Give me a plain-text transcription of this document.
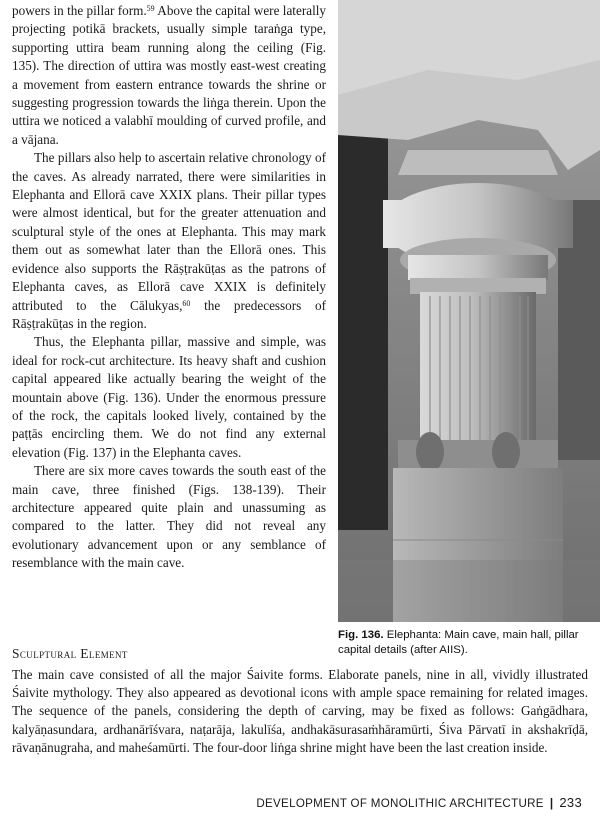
powers in the pillar form.$^{59}$ Above the capital were laterally projecting potikā brackets, usually simple taraṅga type, supporting uttira beam running along the ceiling (Fig. 135). The direction of uttira was mostly east-west creating a movement from eastern entrance towards the shrine or suggesting progression towards the liṅga therein. Upon the uttira we noticed a valabhī moulding of curved profile, and a vājana.

The pillars also help to ascertain relative chronology of the caves. As already narrated, there were similarities in Elephanta and Ellorā cave XXIX plans. Their pillar types were almost identical, but for the greater attenuation and sculptural style of the ones at Elephanta. This may mark them out as somewhat later than the Ellorā ones. This evidence also supports the Rāṣṭrakūṭas as the patrons of Elephanta caves, as Ellorā cave XXIX is definitely attributed to the Cālukyas,$^{60}$ the predecessors of Rāṣṭrakūṭas in the region.

Thus, the Elephanta pillar, massive and simple, was ideal for rock-cut architecture. Its heavy shaft and cushion capital appeared like actually bearing the weight of the mountain above (Fig. 136). Under the enormous pressure of the rock, the capitals looked lively, contained by the paṭṭās encircling them. We do not find any external elevation (Fig. 137) in the Elephanta caves.

There are six more caves towards the south east of the main cave, three finished (Figs. 138-139). Their architecture appeared quite plain and unassuming as compared to the latter. They did not reveal any evolutionary advancement upon or any semblance of resemblance with the main cave.

Fig. 136. Elephanta: Main cave, main hall, pillar capital details (after AIIS).
Sculptural Element

The main cave consisted of all the major Śaivite forms. Elaborate panels, nine in all, vividly illustrated Śaivite mythology. They also appeared as devotional icons with ample space remaining for related images. The sequence of the panels, considering the depth of carving, may be fixed as follows: Gaṅgādhara, kalyāṇasundara, ardhanārīśvara, naṭarāja, lakulīśa, andhakāsurasaṁhāramūrti, Śiva Pārvatī in akshakrīḍā, rāvaṇānugraha, and maheśamūrti. The four-door liṅga shrine might have been the last creation inside.

DEVELOPMENT OF MONOLITHIC ARCHITECTURE | 233
